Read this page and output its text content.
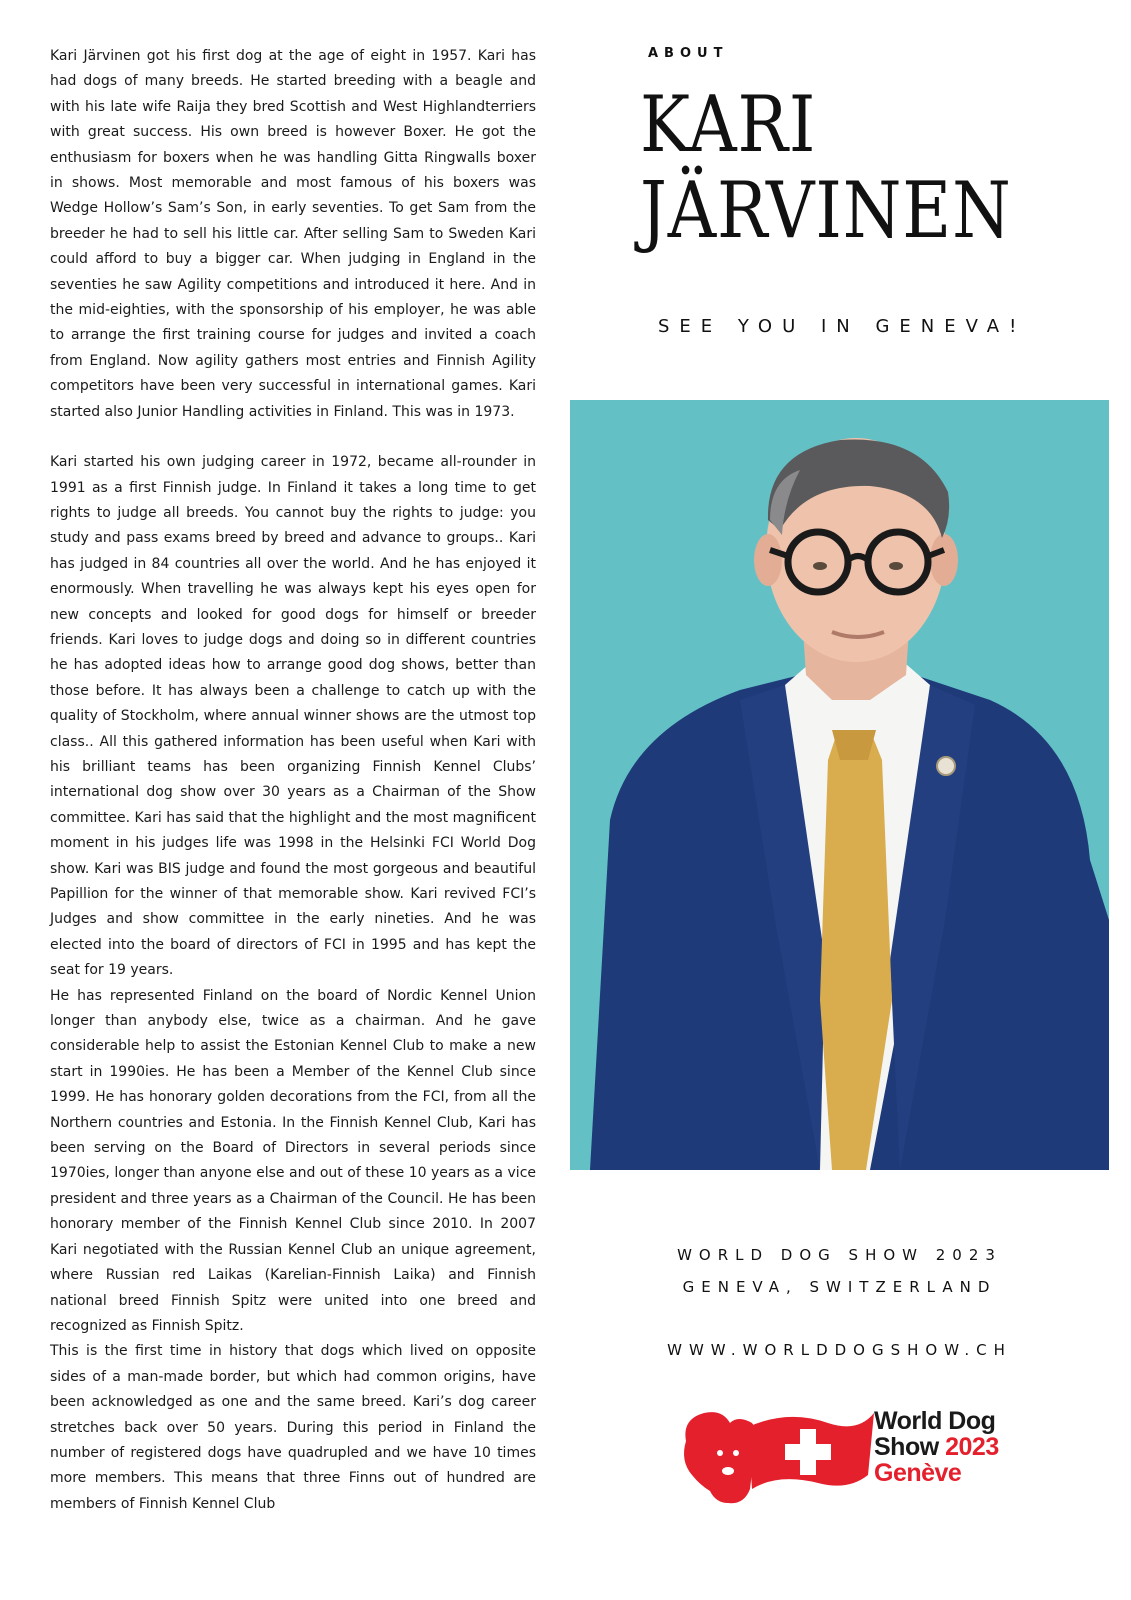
Kari Järvinen got his first dog at the age of eight in 1957. Kari has had dogs of many breeds. He started breeding with a beagle and with his late wife Raija they bred Scottish and West Highlandterriers with great success. His own breed is however Boxer. He got the enthusiasm for boxers when he was handling Gitta Ringwalls boxer in shows. Most memorable and most famous of his boxers was Wedge Hollow’s Sam’s Son, in early seventies. To get Sam from the breeder he had to sell his little car. After selling Sam to Sweden Kari could afford to buy a bigger car. When judging in England in the seventies he saw Agility competitions and introduced it here. And in the mid-eighties, with the sponsorship of his employer, he was able to arrange the first training course for judges and invited a coach from England. Now agility gathers most entries and Finnish Agility competitors have been very successful in international games. Kari started also Junior Handling activities in Finland. This was in 1973.

Kari started his own judging career in 1972, became all-rounder in 1991 as a first Finnish judge. In Finland it takes a long time to get rights to judge all breeds. You cannot buy the rights to judge: you study and pass exams breed by breed and advance to groups.. Kari has judged in 84 countries all over the world. And he has enjoyed it enormously. When travelling he was always kept his eyes open for new concepts and looked for good dogs for himself or breeder friends. Kari loves to judge dogs and doing so in different countries he has adopted ideas how to arrange good dog shows, better than those before. It has always been a challenge to catch up with the quality of Stockholm, where annual winner shows are the utmost top class.. All this gathered information has been useful when Kari with his brilliant teams has been organizing Finnish Kennel Clubs’ international dog show over 30 years as a Chairman of the Show committee. Kari has said that the highlight and the most magnificent moment in his judges life was 1998 in the Helsinki FCI World Dog show. Kari was BIS judge and found the most gorgeous and beautiful Papillion for the winner of that memorable show. Kari revived FCI’s Judges and show committee in the early nineties. And he was elected into the board of directors of FCI in 1995 and has kept the seat for 19 years.

He has represented Finland on the board of Nordic Kennel Union longer than anybody else, twice as a chairman. And he gave considerable help to assist the Estonian Kennel Club to make a new start in 1990ies. He has been a Member of the Kennel Club since 1999. He has honorary golden decorations from the FCI, from all the Northern countries and Estonia. In the Finnish Kennel Club, Kari has been serving on the Board of Directors in several periods since 1970ies, longer than anyone else and out of these 10 years as a vice president and three years as a Chairman of the Council. He has been honorary member of the Finnish Kennel Club since 2010. In 2007 Kari negotiated with the Russian Kennel Club an unique agreement, where Russian red Laikas (Karelian-Finnish Laika) and Finnish national breed Finnish Spitz were united into one breed and recognized as Finnish Spitz.

This is the first time in history that dogs which lived on opposite sides of a man-made border, but which had common origins, have been acknowledged as one and the same breed. Kari’s dog career stretches back over 50 years. During this period in Finland the number of registered dogs have quadrupled and we have 10 times more members. This means that three Finns out of hundred are members of Finnish Kennel Club

ABOUT
KARI
JÄRVINEN
SEE YOU IN GENEVA!
WORLD DOG SHOW 2023
GENEVA, SWITZERLAND
WWW.WORLDDOGSHOW.CH
World Dog
Show 2023
Genève
